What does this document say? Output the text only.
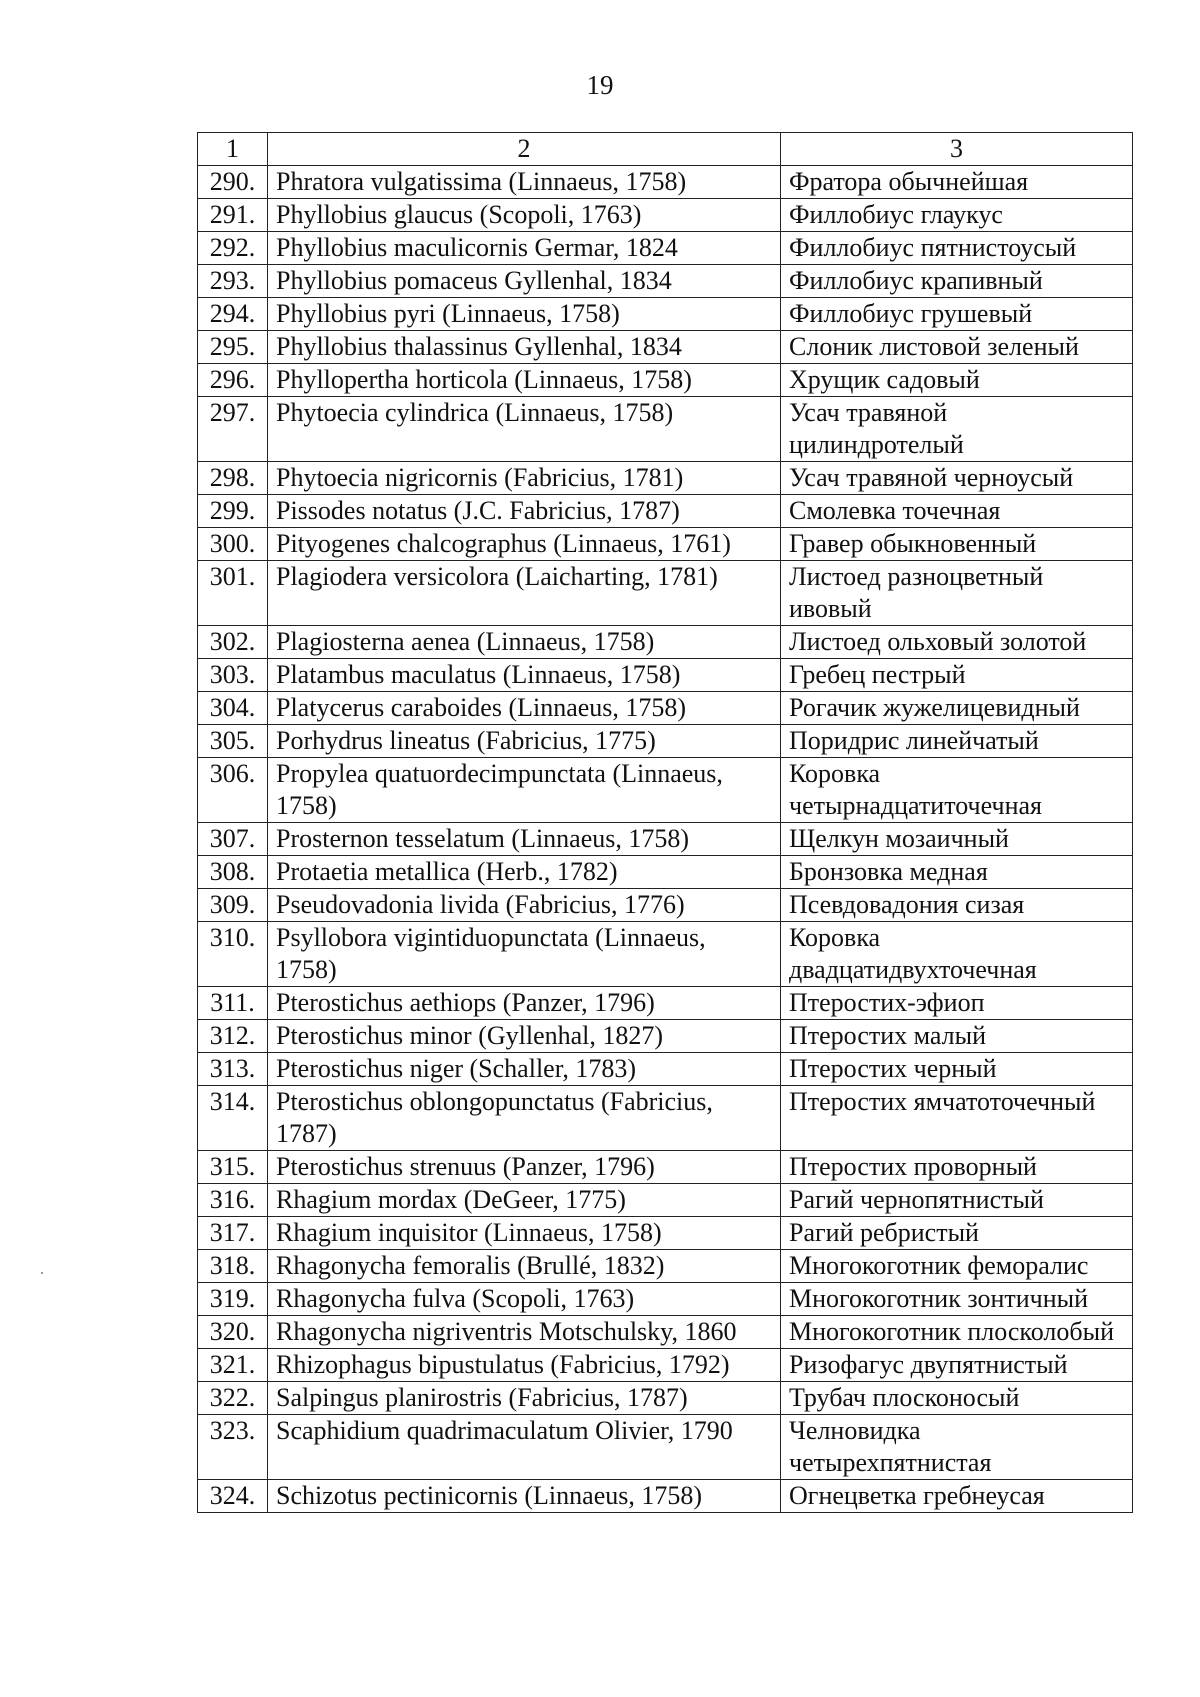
19
1	2	3
290.	Phratora vulgatissima (Linnaeus, 1758)	Фратора обычнейшая
291.	Phyllobius glaucus (Scopoli, 1763)	Филлобиус глаукус
292.	Phyllobius maculicornis Germar, 1824	Филлобиус пятнистоусый
293.	Phyllobius pomaceus Gyllenhal, 1834	Филлобиус крапивный
294.	Phyllobius pyri (Linnaeus, 1758)	Филлобиус грушевый
295.	Phyllobius thalassinus Gyllenhal, 1834	Слоник листовой зеленый
296.	Phyllopertha horticola (Linnaeus, 1758)	Хрущик садовый
297.	Phytoecia cylindrica (Linnaeus, 1758)	Усач травяной цилиндротелый
298.	Phytoecia nigricornis (Fabricius, 1781)	Усач травяной черноусый
299.	Pissodes notatus (J.C. Fabricius, 1787)	Смолевка точечная
300.	Pityogenes chalcographus (Linnaeus, 1761)	Гравер обыкновенный
301.	Plagiodera versicolora (Laicharting, 1781)	Листоед разноцветный ивовый
302.	Plagiosterna aenea (Linnaeus, 1758)	Листоед ольховый золотой
303.	Platambus maculatus (Linnaeus, 1758)	Гребец пестрый
304.	Platycerus caraboides (Linnaeus, 1758)	Рогачик жужелицевидный
305.	Porhydrus lineatus (Fabricius, 1775)	Поридрис линейчатый
306.	Propylea quatuordecimpunctata (Linnaeus, 1758)	Коровка четырнадцатиточечная
307.	Prosternon tesselatum (Linnaeus, 1758)	Щелкун мозаичный
308.	Protaetia metallica (Herb., 1782)	Бронзовка медная
309.	Pseudovadonia livida (Fabricius, 1776)	Псевдовадония сизая
310.	Psyllobora vigintiduopunctata (Linnaeus, 1758)	Коровка двадцатидвухточечная
311.	Pterostichus aethiops (Panzer, 1796)	Птеростих-эфиоп
312.	Pterostichus minor (Gyllenhal, 1827)	Птеростих малый
313.	Pterostichus niger (Schaller, 1783)	Птеростих черный
314.	Pterostichus oblongopunctatus (Fabricius, 1787)	Птеростих ямчатоточечный
315.	Pterostichus strenuus (Panzer, 1796)	Птеростих проворный
316.	Rhagium mordax (DeGeer, 1775)	Рагий чернопятнистый
317.	Rhagium inquisitor (Linnaeus, 1758)	Рагий ребристый
318.	Rhagonycha femoralis (Brullé, 1832)	Многокоготник феморалис
319.	Rhagonycha fulva (Scopoli, 1763)	Многокоготник зонтичный
320.	Rhagonycha nigriventris Motschulsky, 1860	Многокоготник плосколобый
321.	Rhizophagus bipustulatus (Fabricius, 1792)	Ризофагус двупятнистый
322.	Salpingus planirostris (Fabricius, 1787)	Трубач плосконосый
323.	Scaphidium quadrimaculatum Olivier, 1790	Челновидка четырехпятнистая
324.	Schizotus pectinicornis (Linnaeus, 1758)	Огнецветка гребнеусая
